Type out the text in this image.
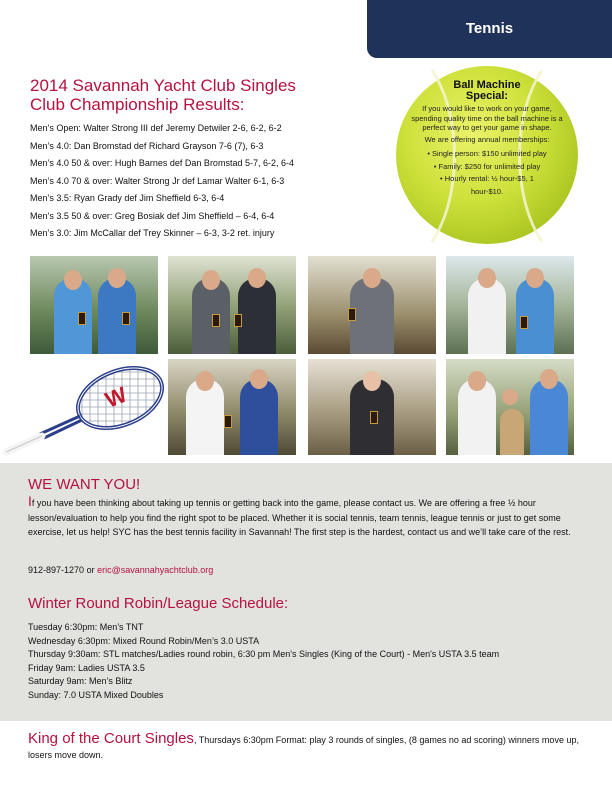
Tennis
2014 Savannah Yacht Club Singles Club Championship Results:
Men’s Open: Walter Strong III def Jeremy Detwiler 2-6, 6-2, 6-2
Men’s 4.0: Dan Bromstad def Richard Grayson 7-6 (7), 6-3
Men’s 4.0 50 & over: Hugh Barnes def Dan Bromstad 5-7, 6-2, 6-4
Men’s 4.0 70 & over: Walter Strong Jr def Lamar Walter 6-1, 6-3
Men’s 3.5: Ryan Grady def Jim Sheffield 6-3, 6-4
Men’s 3.5 50 & over: Greg Bosiak def Jim Sheffield – 6-4, 6-4
Men’s 3.0: Jim McCallar def Trey Skinner – 6-3, 3-2 ret. injury
Ball Machine
Special:
If you would like to work on your game, spending quality time on the ball machine is a perfect way to get your game in shape.
We are offering annual memberships:
• Single person: $150 unlimited play
• Family: $250 for unlimited play
• Hourly rental: ½ hour-$5, 1 hour-$10.
W
WE WANT YOU!
If you have been thinking about taking up tennis or getting back into the game, please contact us. We are offering a free ½ hour lesson/evaluation to help you find the right spot to be placed. Whether it is social tennis, team tennis, league tennis or just to get some exercise, let us help! SYC has the best tennis facility in Savannah! The first step is the hardest, contact us and we’ll take care of the rest.
912-897-1270 or eric@savannahyachtclub.org
Winter Round Robin/League Schedule:
Tuesday 6:30pm: Men’s TNT
Wednesday 6:30pm: Mixed Round Robin/Men’s 3.0 USTA
Thursday 9:30am: STL matches/Ladies round robin, 6:30 pm Men's Singles (King of the Court) - Men's USTA 3.5 team
Friday 9am: Ladies USTA 3.5
Saturday 9am: Men’s Blitz
Sunday: 7.0 USTA Mixed Doubles
King of the Court Singles, Thursdays 6:30pm Format: play 3 rounds of singles, (8 games no ad scoring) winners move up, losers move down.
